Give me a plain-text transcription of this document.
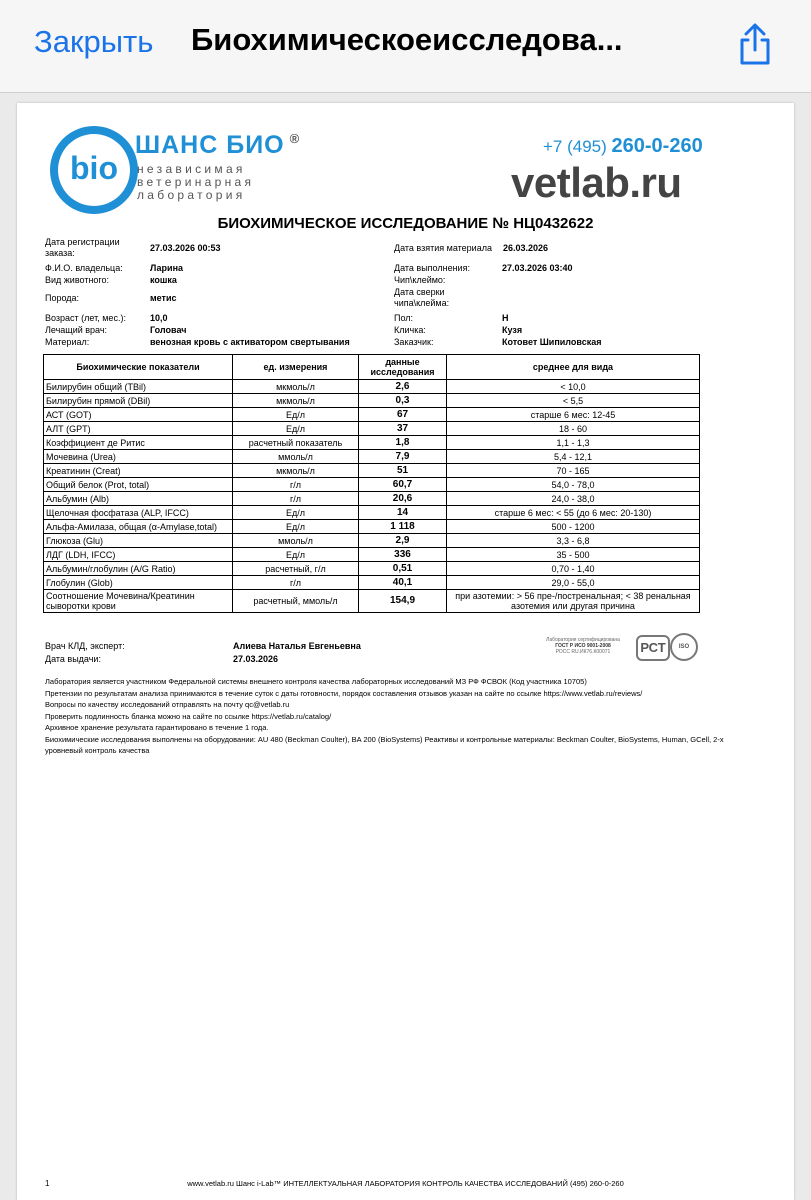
Закрыть Биохимическоеисследова...
bio
ШАНС БИО ®
независимая
ветеринарная
лаборатория
+7 (495) 260-0-260
vetlab.ru
БИОХИМИЧЕСКОЕ ИССЛЕДОВАНИЕ № НЦ0432622
Дата регистрации заказа:	27.03.2026 00:53
Ф.И.О. владельца:	Ларина
Вид животного:	кошка
Порода:	метис
Возраст (лет, мес.):	10,0
Лечащий врач:	Головач
Материал:	венозная кровь с активатором свертывания
Дата взятия материала 26.03.2026
Дата выполнения:	27.03.2026 03:40
Чип\клеймо:
Дата сверки чипа\клейма:
Пол:	Н
Кличка:	Кузя
Заказчик:	Котовет Шипиловская
Биохимические показатели	ед. измерения	данные исследования	среднее для вида
Билирубин общий (TBil)	мкмоль/л	2,6	< 10,0
Билирубин прямой (DBil)	мкмоль/л	0,3	< 5,5
АСТ (GOT)	Ед/л	67	старше 6 мес: 12-45
АЛТ (GPT)	Ед/л	37	18 - 60
Коэффициент де Ритис	расчетный показатель	1,8	1,1 - 1,3
Мочевина (Urea)	ммоль/л	7,9	5,4 - 12,1
Креатинин (Creat)	мкмоль/л	51	70 - 165
Общий белок (Prot, total)	г/л	60,7	54,0 - 78,0
Альбумин (Alb)	г/л	20,6	24,0 - 38,0
Щелочная фосфатаза (ALP, IFCC)	Ед/л	14	старше 6 мес: < 55 (до 6 мес: 20-130)
Альфа-Амилаза, общая (α-Amylase,total)	Ед/л	1 118	500 - 1200
Глюкоза (Glu)	ммоль/л	2,9	3,3 - 6,8
ЛДГ (LDH, IFCC)	Ед/л	336	35 - 500
Альбумин/глобулин (A/G Ratio)	расчетный, г/л	0,51	0,70 - 1,40
Глобулин (Glob)	г/л	40,1	29,0 - 55,0
Соотношение Мочевина/Креатинин сыворотки крови	расчетный, ммоль/л	154,9	при азотемии: > 56 пре-/постренальная; < 38 ренальная азотемия или другая причина
Врач КЛД, эксперт:	Алиева Наталья Евгеньевна
Дата выдачи:	27.03.2026
Лаборатория сертифицирована
ГОСТ Р ИСО 9001-2008
РОСС RU.ИК76.К00071	РСТ	ISO
Лаборатория является участником Федеральной системы внешнего контроля качества лабораторных исследований МЗ РФ ФСВОК (Код участника 10705)
Претензии по результатам анализа принимаются в течение суток с даты готовности, порядок составления отзывов указан на сайте по ссылке https://www.vetlab.ru/reviews/
Вопросы по качеству исследований отправлять на почту qc@vetlab.ru
Проверить подлинность бланка можно на сайте по ссылке https://vetlab.ru/catalog/
Архивное хранение результата гарантировано в течение 1 года.
Биохимические исследования выполнены на оборудовании: AU 480 (Beckman Coulter), BA 200 (BioSystems) Реактивы и контрольные материалы: Beckman Coulter, BioSystems, Human, GCell, 2-х уровневый контроль качества
1	www.vetlab.ru Шанс i-Lab™ ИНТЕЛЛЕКТУАЛЬНАЯ ЛАБОРАТОРИЯ КОНТРОЛЬ КАЧЕСТВА ИССЛЕДОВАНИЙ (495) 260-0-260
